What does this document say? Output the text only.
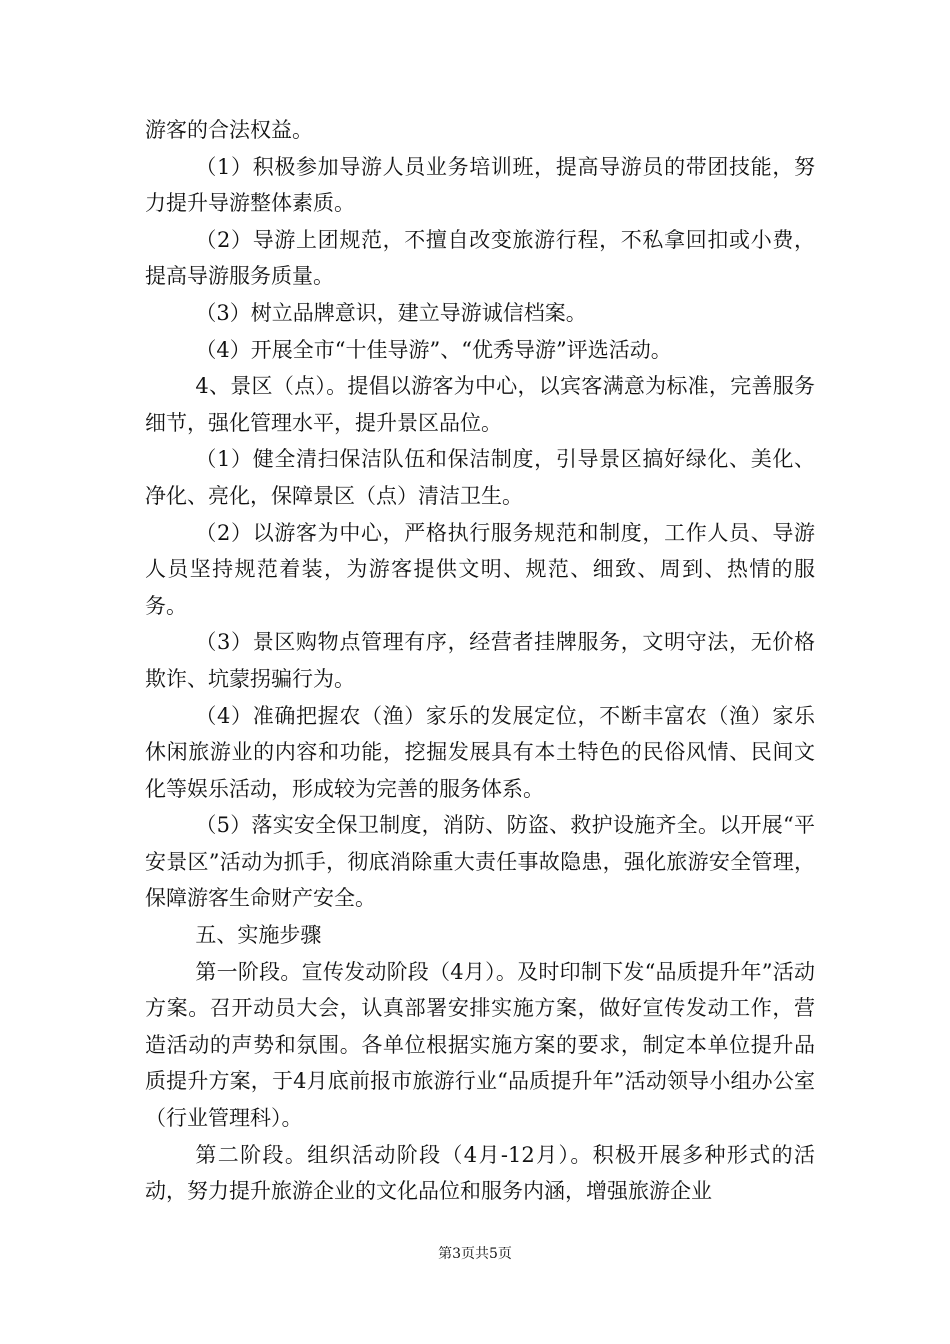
游客的合法权益。

（1）积极参加导游人员业务培训班，提高导游员的带团技能，努力提升导游整体素质。

（2）导游上团规范，不擅自改变旅游行程，不私拿回扣或小费，提高导游服务质量。

（3）树立品牌意识，建立导游诚信档案。

（4）开展全市“十佳导游”、“优秀导游”评选活动。

4、景区（点）。提倡以游客为中心，以宾客满意为标准，完善服务细节，强化管理水平，提升景区品位。

（1）健全清扫保洁队伍和保洁制度，引导景区搞好绿化、美化、净化、亮化，保障景区（点）清洁卫生。

（2）以游客为中心，严格执行服务规范和制度，工作人员、导游人员坚持规范着装，为游客提供文明、规范、细致、周到、热情的服务。

（3）景区购物点管理有序，经营者挂牌服务，文明守法，无价格欺诈、坑蒙拐骗行为。

（4）准确把握农（渔）家乐的发展定位，不断丰富农（渔）家乐休闲旅游业的内容和功能，挖掘发展具有本土特色的民俗风情、民间文化等娱乐活动，形成较为完善的服务体系。

（5）落实安全保卫制度，消防、防盗、救护设施齐全。以开展“平安景区”活动为抓手，彻底消除重大责任事故隐患，强化旅游安全管理，保障游客生命财产安全。

五、实施步骤

第一阶段。宣传发动阶段（4月）。及时印制下发“品质提升年”活动方案。召开动员大会，认真部署安排实施方案，做好宣传发动工作，营造活动的声势和氛围。各单位根据实施方案的要求，制定本单位提升品质提升方案，于4月底前报市旅游行业“品质提升年”活动领导小组办公室（行业管理科）。

第二阶段。组织活动阶段（4月-12月）。积极开展多种形式的活动，努力提升旅游企业的文化品位和服务内涵，增强旅游企业

第3页共5页
